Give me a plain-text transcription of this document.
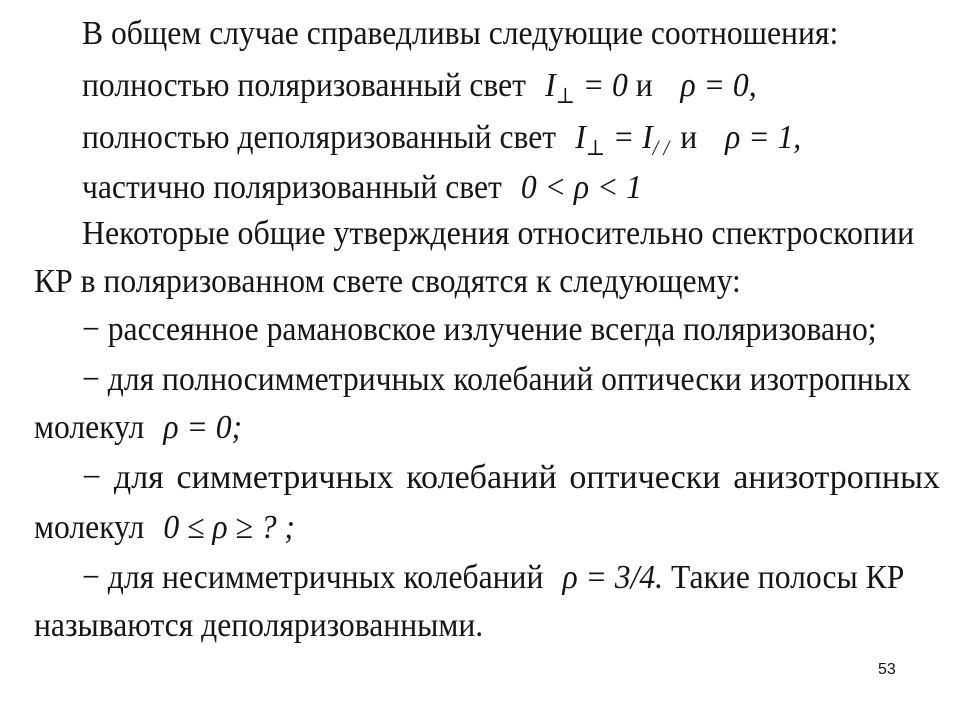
В общем случае справедливы следующие соотношения:
полностью поляризованный свет $I_\perp = 0$ и ρ = 0,
полностью деполяризованный свет $I_\perp = I_{/ /}$ и ρ = 1,
частично поляризованный свет 0 < ρ < 1
Некоторые общие утверждения относительно спектроскопии
КР в поляризованном свете сводятся к следующему:
− рассеянное рамановское излучение всегда поляризовано;
− для полносимметричных колебаний оптически изотропных
молекул ρ = 0;
− для симметричных колебаний оптически анизотропных
молекул 0 ≤ ρ ≥ ? ;
− для несимметричных колебаний ρ = 3/4. Такие полосы КР
называются деполяризованными.
53
